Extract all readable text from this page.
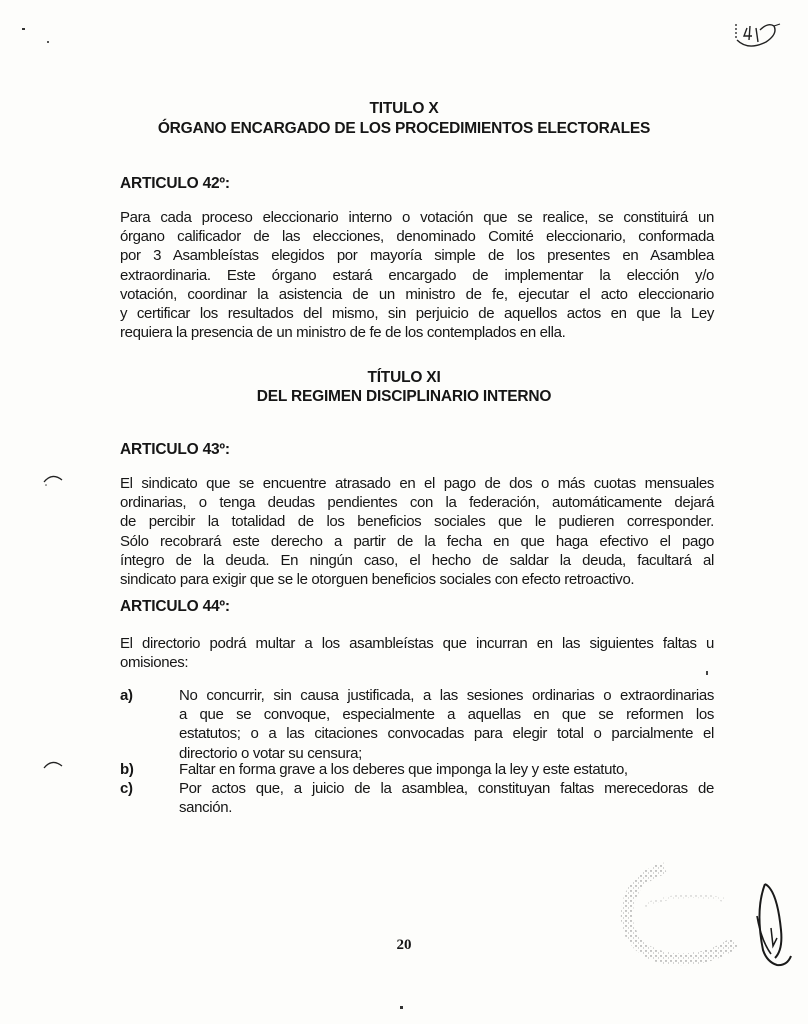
TITULO X
ÓRGANO ENCARGADO DE LOS PROCEDIMIENTOS ELECTORALES
ARTICULO 42º:
Para cada proceso eleccionario interno o votación que se realice, se constituirá un
órgano calificador de las elecciones, denominado Comité eleccionario, conformada
por 3 Asambleístas elegidos por mayoría simple de los presentes en Asamblea
extraordinaria. Este órgano estará encargado de implementar la elección y/o
votación, coordinar la asistencia de un ministro de fe, ejecutar el acto eleccionario
y certificar los resultados del mismo, sin perjuicio de aquellos actos en que la Ley
requiera la presencia de un ministro de fe de los contemplados en ella.
TÍTULO XI
DEL REGIMEN DISCIPLINARIO INTERNO
ARTICULO 43º:
El sindicato que se encuentre atrasado en el pago de dos o más cuotas mensuales
ordinarias, o tenga deudas pendientes con la federación, automáticamente dejará
de percibir la totalidad de los beneficios sociales que le pudieren corresponder.
Sólo recobrará este derecho a partir de la fecha en que haga efectivo el pago
íntegro de la deuda. En ningún caso, el hecho de saldar la deuda, facultará al
sindicato para exigir que se le otorguen beneficios sociales con efecto retroactivo.
ARTICULO 44º:
El directorio podrá multar a los asambleístas que incurran en las siguientes faltas u
omisiones:
a)	No concurrir, sin causa justificada, a las sesiones ordinarias o extraordinarias
a que se convoque, especialmente a aquellas en que se reformen los
estatutos; o a las citaciones convocadas para elegir total o parcialmente el
directorio o votar su censura;
b)	Faltar en forma grave a los deberes que imponga la ley y este estatuto,
c)	Por actos que, a juicio de la asamblea, constituyan faltas merecedoras de
sanción.
20
